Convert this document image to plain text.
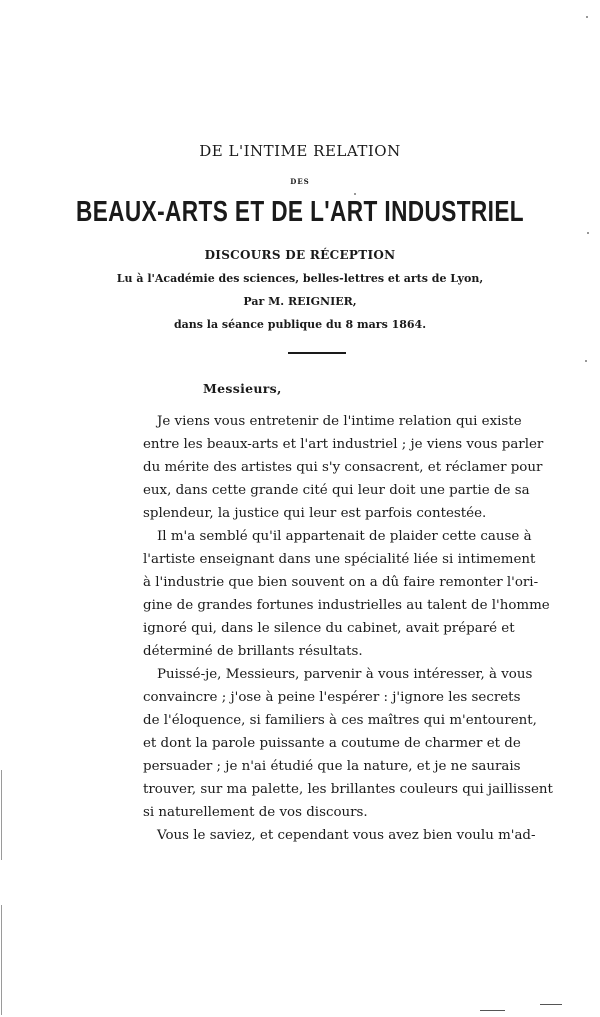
DE L'INTIME RELATION
DES
BEAUX-ARTS ET DE L'ART INDUSTRIEL
DISCOURS DE RÉCEPTION
Lu à l'Académie des sciences, belles-lettres et arts de Lyon,
Par M. REIGNIER,
dans la séance publique du 8 mars 1864.
Messieurs,
Je viens vous entretenir de l'intime relation qui existe
entre les beaux-arts et l'art industriel ; je viens vous parler
du mérite des artistes qui s'y consacrent, et réclamer pour
eux, dans cette grande cité qui leur doit une partie de sa
splendeur, la justice qui leur est parfois contestée.
Il m'a semblé qu'il appartenait de plaider cette cause à
l'artiste enseignant dans une spécialité liée si intimement
à l'industrie que bien souvent on a dû faire remonter l'ori-
gine de grandes fortunes industrielles au talent de l'homme
ignoré qui, dans le silence du cabinet, avait préparé et
déterminé de brillants résultats.
Puissé-je, Messieurs, parvenir à vous intéresser, à vous
convaincre ; j'ose à peine l'espérer : j'ignore les secrets
de l'éloquence, si familiers à ces maîtres qui m'entourent,
et dont la parole puissante a coutume de charmer et de
persuader ; je n'ai étudié que la nature, et je ne saurais
trouver, sur ma palette, les brillantes couleurs qui jaillissent
si naturellement de vos discours.
Vous le saviez, et cependant vous avez bien voulu m'ad-
